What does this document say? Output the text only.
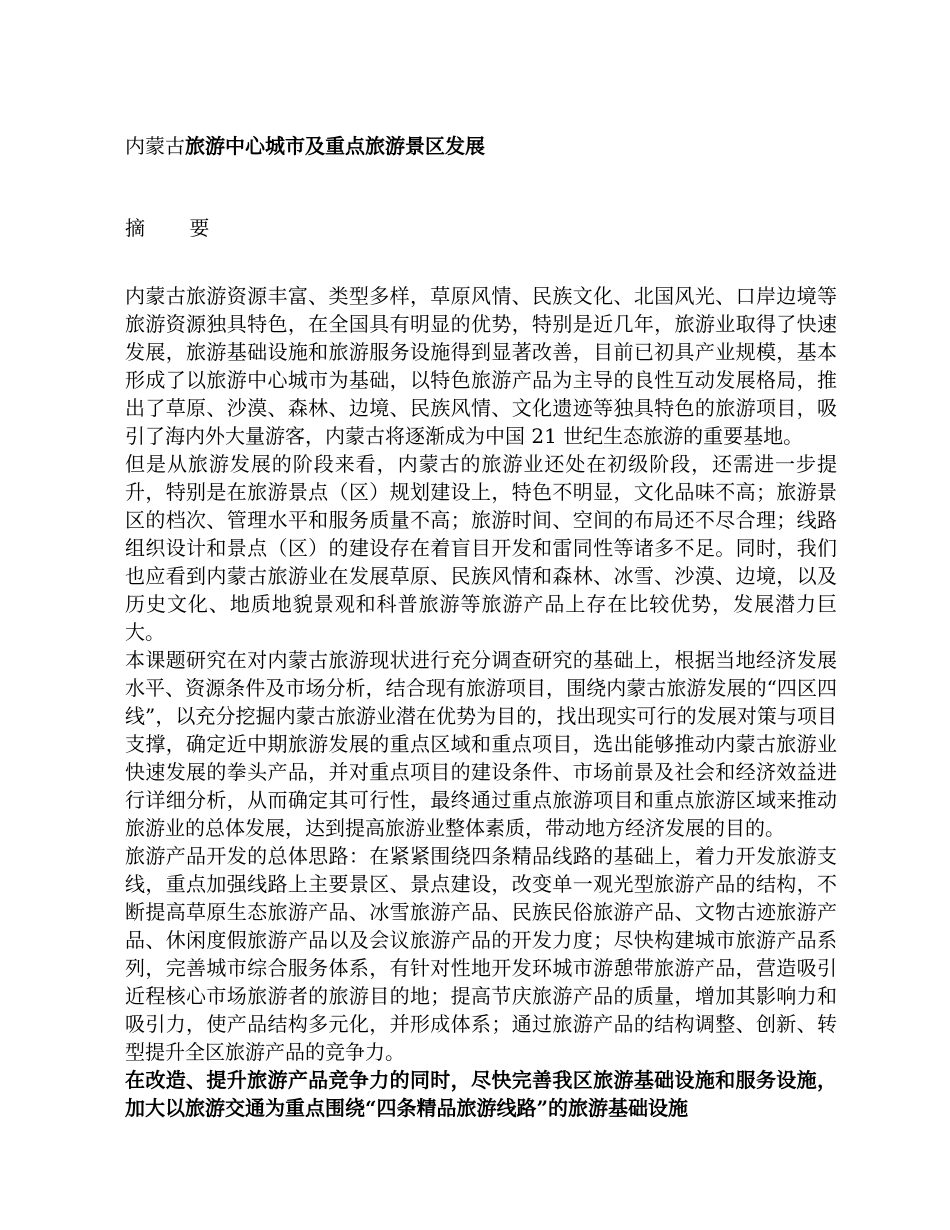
内蒙古旅游中心城市及重点旅游景区发展
摘 要

内蒙古旅游资源丰富、类型多样，草原风情、民族文化、北国风光、口岸边境等旅游资源独具特色，在全国具有明显的优势，特别是近几年，旅游业取得了快速发展，旅游基础设施和旅游服务设施得到显著改善，目前已初具产业规模，基本形成了以旅游中心城市为基础，以特色旅游产品为主导的良性互动发展格局，推出了草原、沙漠、森林、边境、民族风情、文化遗迹等独具特色的旅游项目，吸引了海内外大量游客，内蒙古将逐渐成为中国 21 世纪生态旅游的重要基地。

但是从旅游发展的阶段来看，内蒙古的旅游业还处在初级阶段，还需进一步提升，特别是在旅游景点（区）规划建设上，特色不明显，文化品味不高；旅游景区的档次、管理水平和服务质量不高；旅游时间、空间的布局还不尽合理；线路组织设计和景点（区）的建设存在着盲目开发和雷同性等诸多不足。同时，我们也应看到内蒙古旅游业在发展草原、民族风情和森林、冰雪、沙漠、边境，以及历史文化、地质地貌景观和科普旅游等旅游产品上存在比较优势，发展潜力巨大。

本课题研究在对内蒙古旅游现状进行充分调查研究的基础上，根据当地经济发展水平、资源条件及市场分析，结合现有旅游项目，围绕内蒙古旅游发展的“四区四线”，以充分挖掘内蒙古旅游业潜在优势为目的，找出现实可行的发展对策与项目支撑，确定近中期旅游发展的重点区域和重点项目，选出能够推动内蒙古旅游业快速发展的拳头产品，并对重点项目的建设条件、市场前景及社会和经济效益进行详细分析，从而确定其可行性，最终通过重点旅游项目和重点旅游区域来推动旅游业的总体发展，达到提高旅游业整体素质，带动地方经济发展的目的。

旅游产品开发的总体思路：在紧紧围绕四条精品线路的基础上，着力开发旅游支线，重点加强线路上主要景区、景点建设，改变单一观光型旅游产品的结构，不断提高草原生态旅游产品、冰雪旅游产品、民族民俗旅游产品、文物古迹旅游产品、休闲度假旅游产品以及会议旅游产品的开发力度；尽快构建城市旅游产品系列，完善城市综合服务体系，有针对性地开发环城市游憩带旅游产品，营造吸引近程核心市场旅游者的旅游目的地；提高节庆旅游产品的质量，增加其影响力和吸引力，使产品结构多元化，并形成体系；通过旅游产品的结构调整、创新、转型提升全区旅游产品的竞争力。

在改造、提升旅游产品竞争力的同时，尽快完善我区旅游基础设施和服务设施，加大以旅游交通为重点围绕“四条精品旅游线路”的旅游基础设施
